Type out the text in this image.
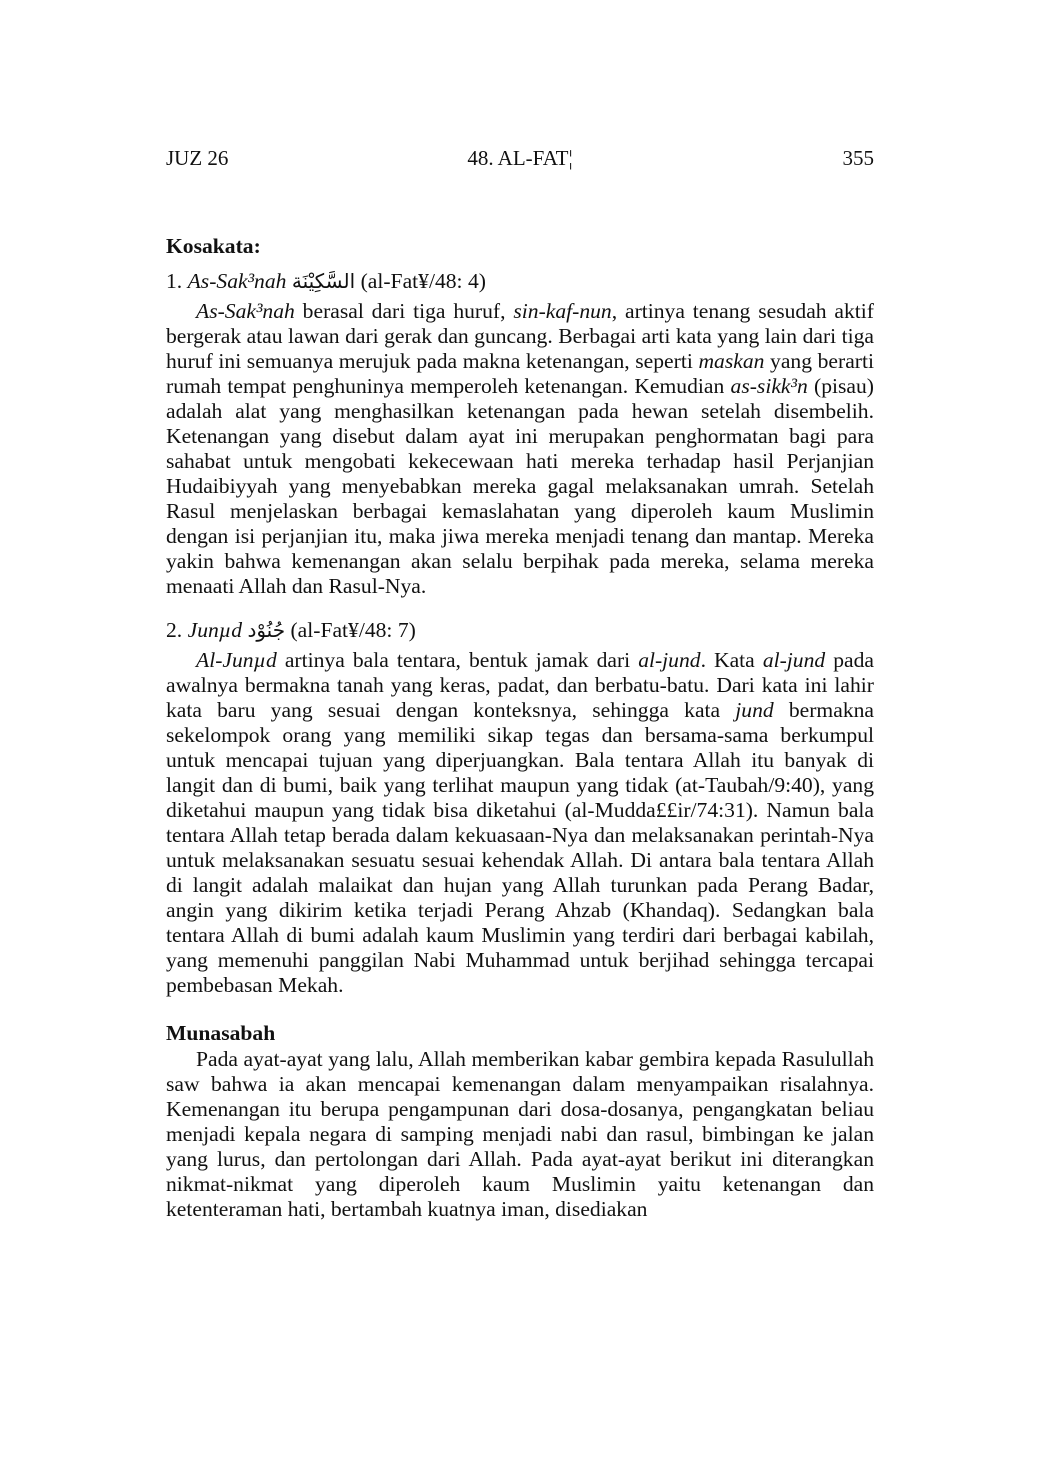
JUZ 26	48. AL-FAT¦	355
Kosakata:
1. As-Sak³nah السَّكِيْنَة (al-Fat¥/48: 4)

As-Sak³nah berasal dari tiga huruf, sin-kaf-nun, artinya tenang sesudah aktif bergerak atau lawan dari gerak dan guncang. Berbagai arti kata yang lain dari tiga huruf ini semuanya merujuk pada makna ketenangan, seperti maskan yang berarti rumah tempat penghuninya memperoleh ketenangan. Kemudian as-sikk³n (pisau) adalah alat yang menghasilkan ketenangan pada hewan setelah disembelih. Ketenangan yang disebut dalam ayat ini merupakan penghormatan bagi para sahabat untuk mengobati kekecewaan hati mereka terhadap hasil Perjanjian Hudaibiyyah yang menyebabkan mereka gagal melaksanakan umrah. Setelah Rasul menjelaskan berbagai kemaslahatan yang diperoleh kaum Muslimin dengan isi perjanjian itu, maka jiwa mereka menjadi tenang dan mantap. Mereka yakin bahwa kemenangan akan selalu berpihak pada mereka, selama mereka menaati Allah dan Rasul-Nya.

2. Junµd جُنُوْد (al-Fat¥/48: 7)

Al-Junµd artinya bala tentara, bentuk jamak dari al-jund. Kata al-jund pada awalnya bermakna tanah yang keras, padat, dan berbatu-batu. Dari kata ini lahir kata baru yang sesuai dengan konteksnya, sehingga kata jund bermakna sekelompok orang yang memiliki sikap tegas dan bersama-sama berkumpul untuk mencapai tujuan yang diperjuangkan. Bala tentara Allah itu banyak di langit dan di bumi, baik yang terlihat maupun yang tidak (at-Taubah/9:40), yang diketahui maupun yang tidak bisa diketahui (al-Mudda££ir/74:31). Namun bala tentara Allah tetap berada dalam kekuasaan-Nya dan melaksanakan perintah-Nya untuk melaksanakan sesuatu sesuai kehendak Allah. Di antara bala tentara Allah di langit adalah malaikat dan hujan yang Allah turunkan pada Perang Badar, angin yang dikirim ketika terjadi Perang Ahzab (Khandaq). Sedangkan bala tentara Allah di bumi adalah kaum Muslimin yang terdiri dari berbagai kabilah, yang memenuhi panggilan Nabi Muhammad untuk berjihad sehingga tercapai pembebasan Mekah.

Munasabah

Pada ayat-ayat yang lalu, Allah memberikan kabar gembira kepada Rasulullah saw bahwa ia akan mencapai kemenangan dalam menyampaikan risalahnya. Kemenangan itu berupa pengampunan dari dosa-dosanya, pengangkatan beliau menjadi kepala negara di samping menjadi nabi dan rasul, bimbingan ke jalan yang lurus, dan pertolongan dari Allah. Pada ayat-ayat berikut ini diterangkan nikmat-nikmat yang diperoleh kaum Muslimin yaitu ketenangan dan ketenteraman hati, bertambah kuatnya iman, disediakan
